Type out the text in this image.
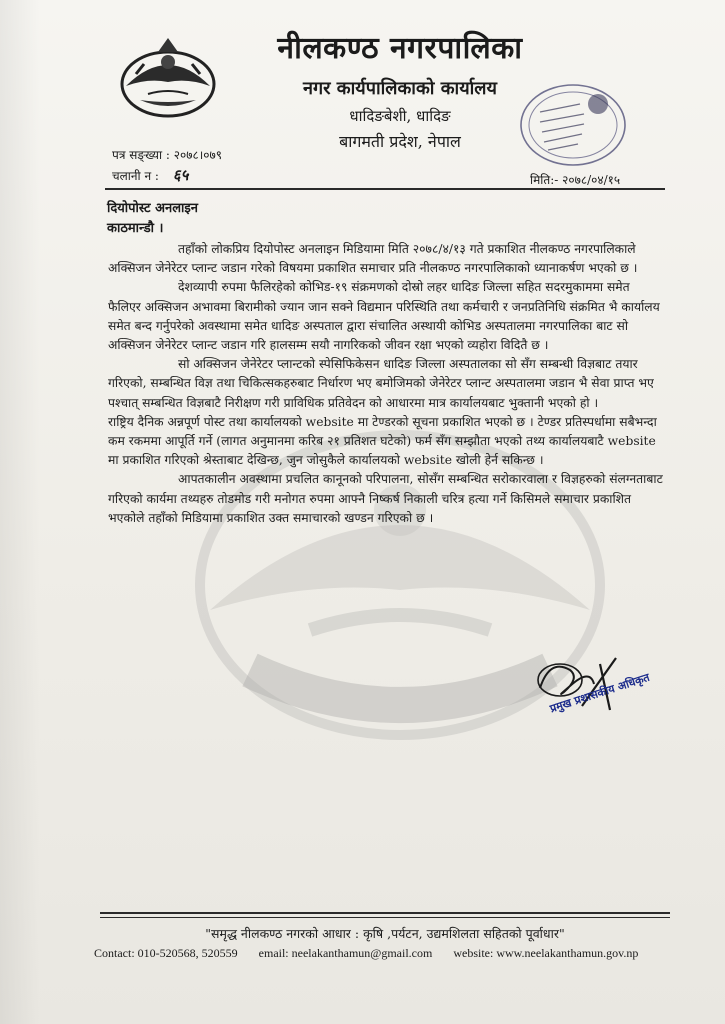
नीलकण्ठ नगरपालिका
नगर कार्यपालिकाको कार्यालय
धादिङबेशी, धादिङ
बागमती प्रदेश, नेपाल
पत्र सङ्ख्या : २०७८।०७९
चलानी न : ६५	मिति:- २०७८/०४/१५
दियोपोस्ट अनलाइन
काठमान्डौ ।

तहाँको लोकप्रिय दियोपोस्ट अनलाइन मिडियामा मिति २०७८/४/१३ गते प्रकाशित नीलकण्ठ नगरपालिकाले अक्सिजन जेनेरेटर प्लान्ट जडान गरेको विषयमा प्रकाशित समाचार प्रति नीलकण्ठ नगरपालिकाको ध्यानाकर्षण भएको छ ।

देशव्यापी रुपमा फैलिरहेको कोभिड-१९ संक्रमणको दोस्रो लहर धादिङ जिल्ला सहित सदरमुकाममा समेत फैलिएर अक्सिजन अभावमा बिरामीको ज्यान जान सक्ने विद्यमान परिस्थिति तथा कर्मचारी र जनप्रतिनिधि संक्रमित भै कार्यालय समेत बन्द गर्नुपरेको अवस्थामा समेत धादिङ अस्पताल द्वारा संचालित अस्थायी कोभिड अस्पतालमा नगरपालिका बाट सो अक्सिजन जेनेरेटर प्लान्ट जडान गरि हालसम्म सयौ नागरिकको जीवन रक्षा भएको व्यहोरा विदितै छ ।

सो अक्सिजन जेनेरेटर प्लान्टको स्पेसिफिकेसन धादिङ जिल्ला अस्पतालका सो सँग सम्बन्धी विज्ञबाट तयार गरिएको, सम्बन्धित विज्ञ तथा चिकित्सकहरुबाट निर्धारण भए बमोजिमको जेनेरेटर प्लान्ट अस्पतालमा जडान भै सेवा प्राप्त भए पश्चात् सम्बन्धित विज्ञबाटै निरीक्षण गरी प्राविधिक प्रतिवेदन को आधारमा मात्र कार्यालयबाट भुक्तानी भएको हो ।

राष्ट्रिय दैनिक अन्नपूर्ण पोस्ट तथा कार्यालयको website मा टेण्डरको सूचना प्रकाशित भएको छ । टेण्डर प्रतिस्पर्धामा सबैभन्दा कम रकममा आपूर्ति गर्ने (लागत अनुमानमा करिब २१ प्रतिशत घटेको) फर्म सँग सम्झौता भएको तथ्य कार्यालयबाटै website मा प्रकाशित गरिएको श्रेस्ताबाट देखिन्छ, जुन जोसुकैले कार्यालयको website खोली हेर्न सकिन्छ ।

आपतकालीन अवस्थामा प्रचलित कानूनको परिपालना, सोसँग सम्बन्धित सरोकारवाला र विज्ञहरुको संलग्नताबाट गरिएको कार्यमा तथ्यहरु तोडमोड गरी मनोगत रुपमा आफ्नै निष्कर्ष निकाली चरित्र हत्या गर्ने किसिमले समाचार प्रकाशित भएकोले तहाँको मिडियामा प्रकाशित उक्त समाचारको खण्डन गरिएको छ ।

प्रमुख प्रशासकीय अधिकृत
"समृद्ध नीलकण्ठ नगरको आधार : कृषि ,पर्यटन, उद्यमशिलता सहितको पूर्वाधार"
Contact: 010-520568, 520559 email: neelakanthamun@gmail.com website: www.neelakanthamun.gov.np
